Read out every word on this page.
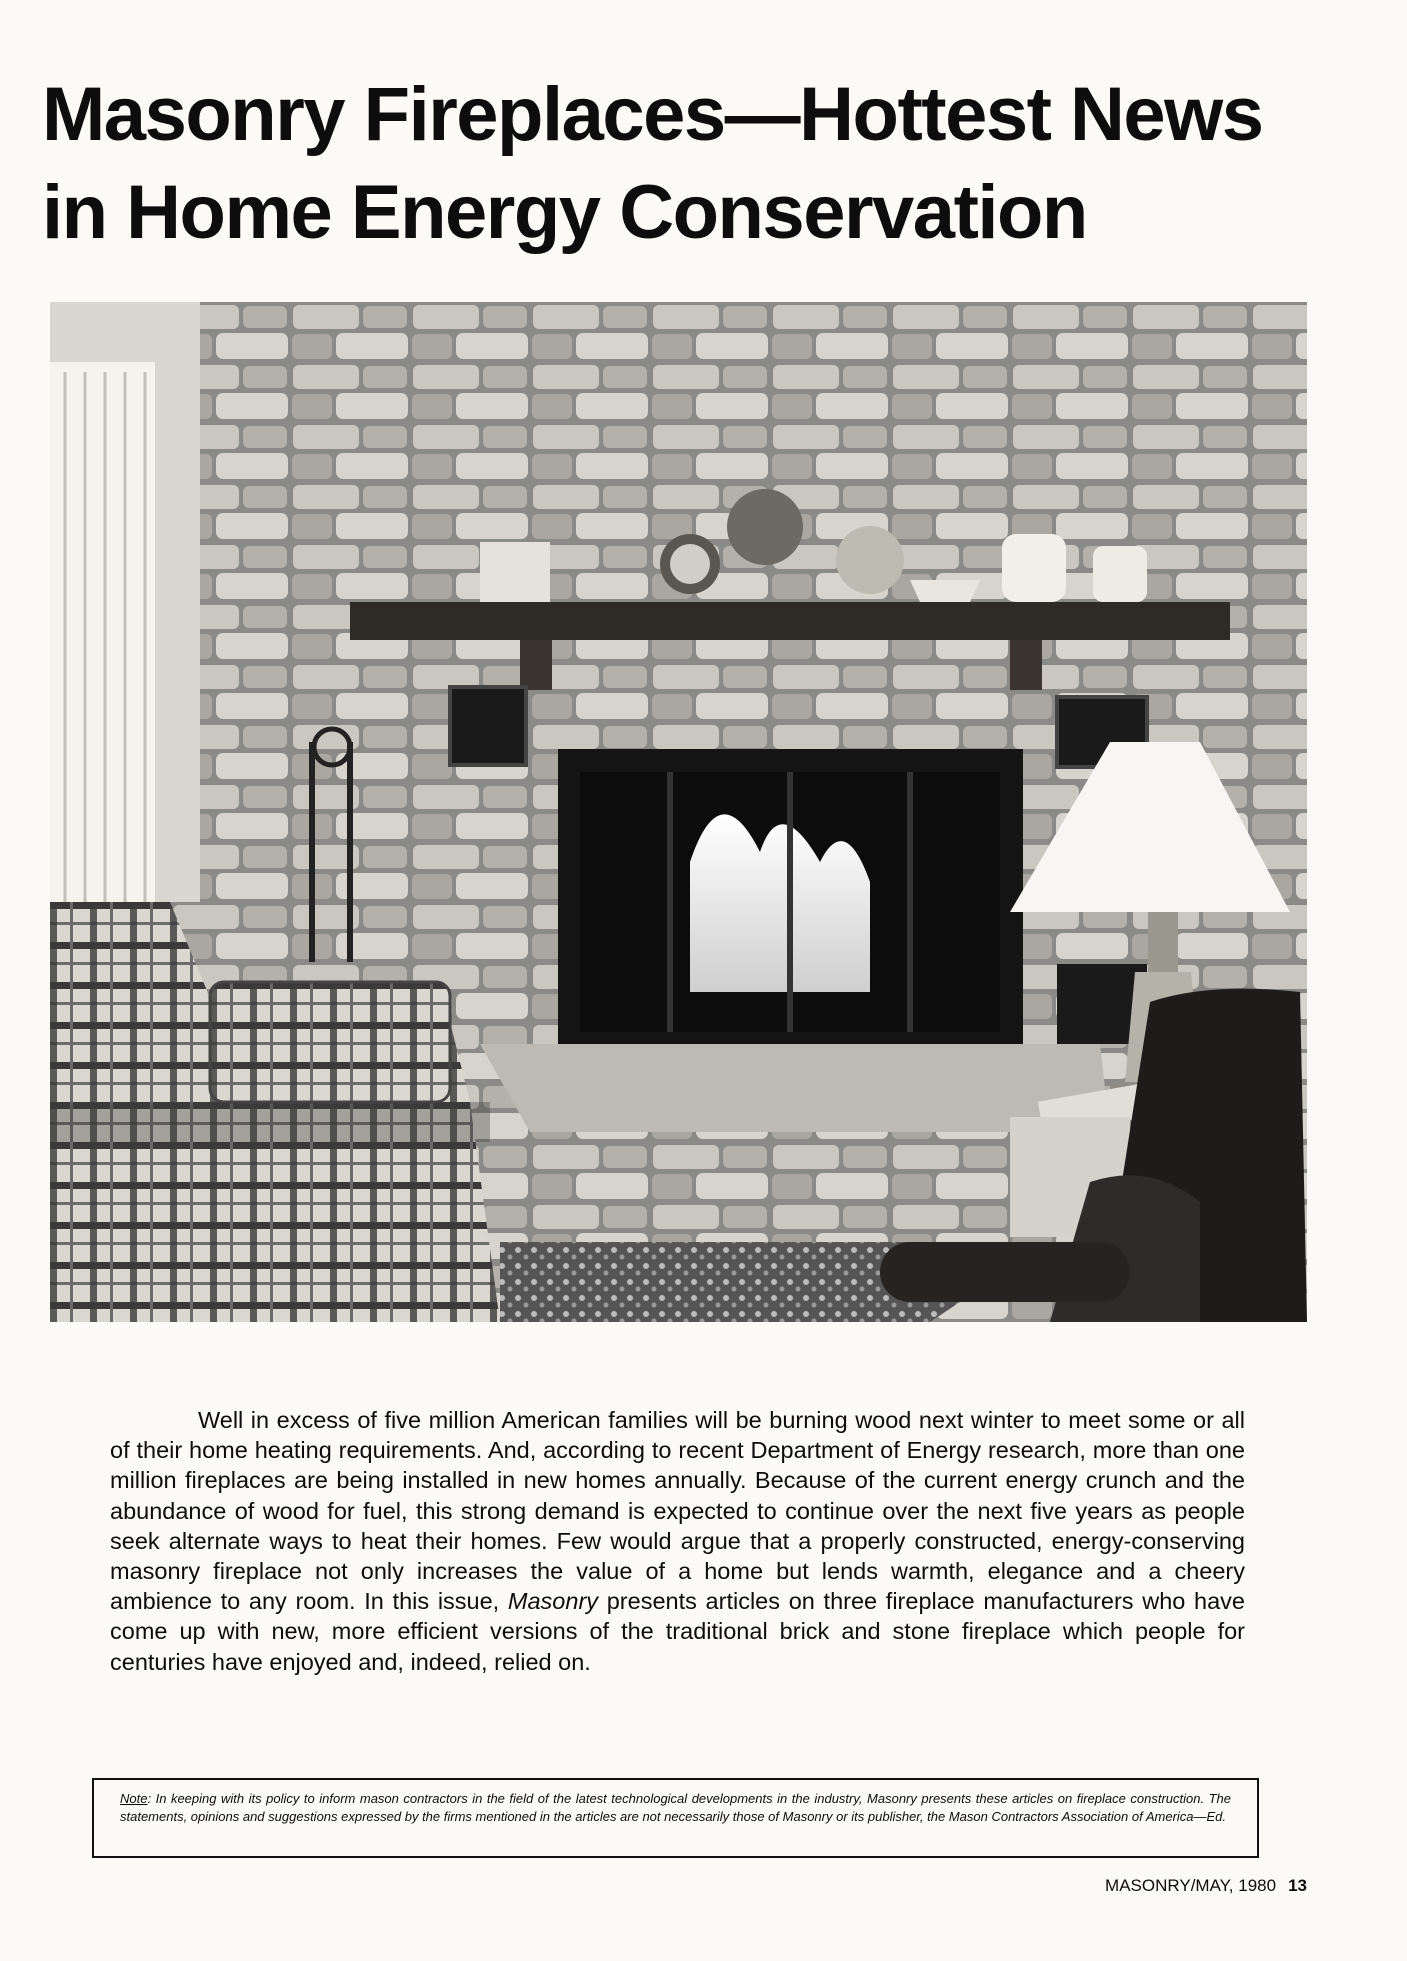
Masonry Fireplaces—Hottest News
in Home Energy Conservation

Well in excess of five million American families will be burning wood next winter to meet some or all of their home heating requirements. And, according to recent Department of Energy research, more than one million fireplaces are being installed in new homes annually. Because of the current energy crunch and the abundance of wood for fuel, this strong demand is expected to continue over the next five years as people seek alternate ways to heat their homes. Few would argue that a properly constructed, energy-conserving masonry fireplace not only increases the value of a home but lends warmth, elegance and a cheery ambience to any room. In this issue, Masonry presents articles on three fireplace manufacturers who have come up with new, more efficient versions of the traditional brick and stone fireplace which people for centuries have enjoyed and, indeed, relied on.

Note: In keeping with its policy to inform mason contractors in the field of the latest technological developments in the industry, Masonry presents these articles on fireplace construction. The statements, opinions and suggestions expressed by the firms mentioned in the articles are not necessarily those of Masonry or its publisher, the Mason Contractors Association of America—Ed.
MASONRY/MAY, 1980 13
